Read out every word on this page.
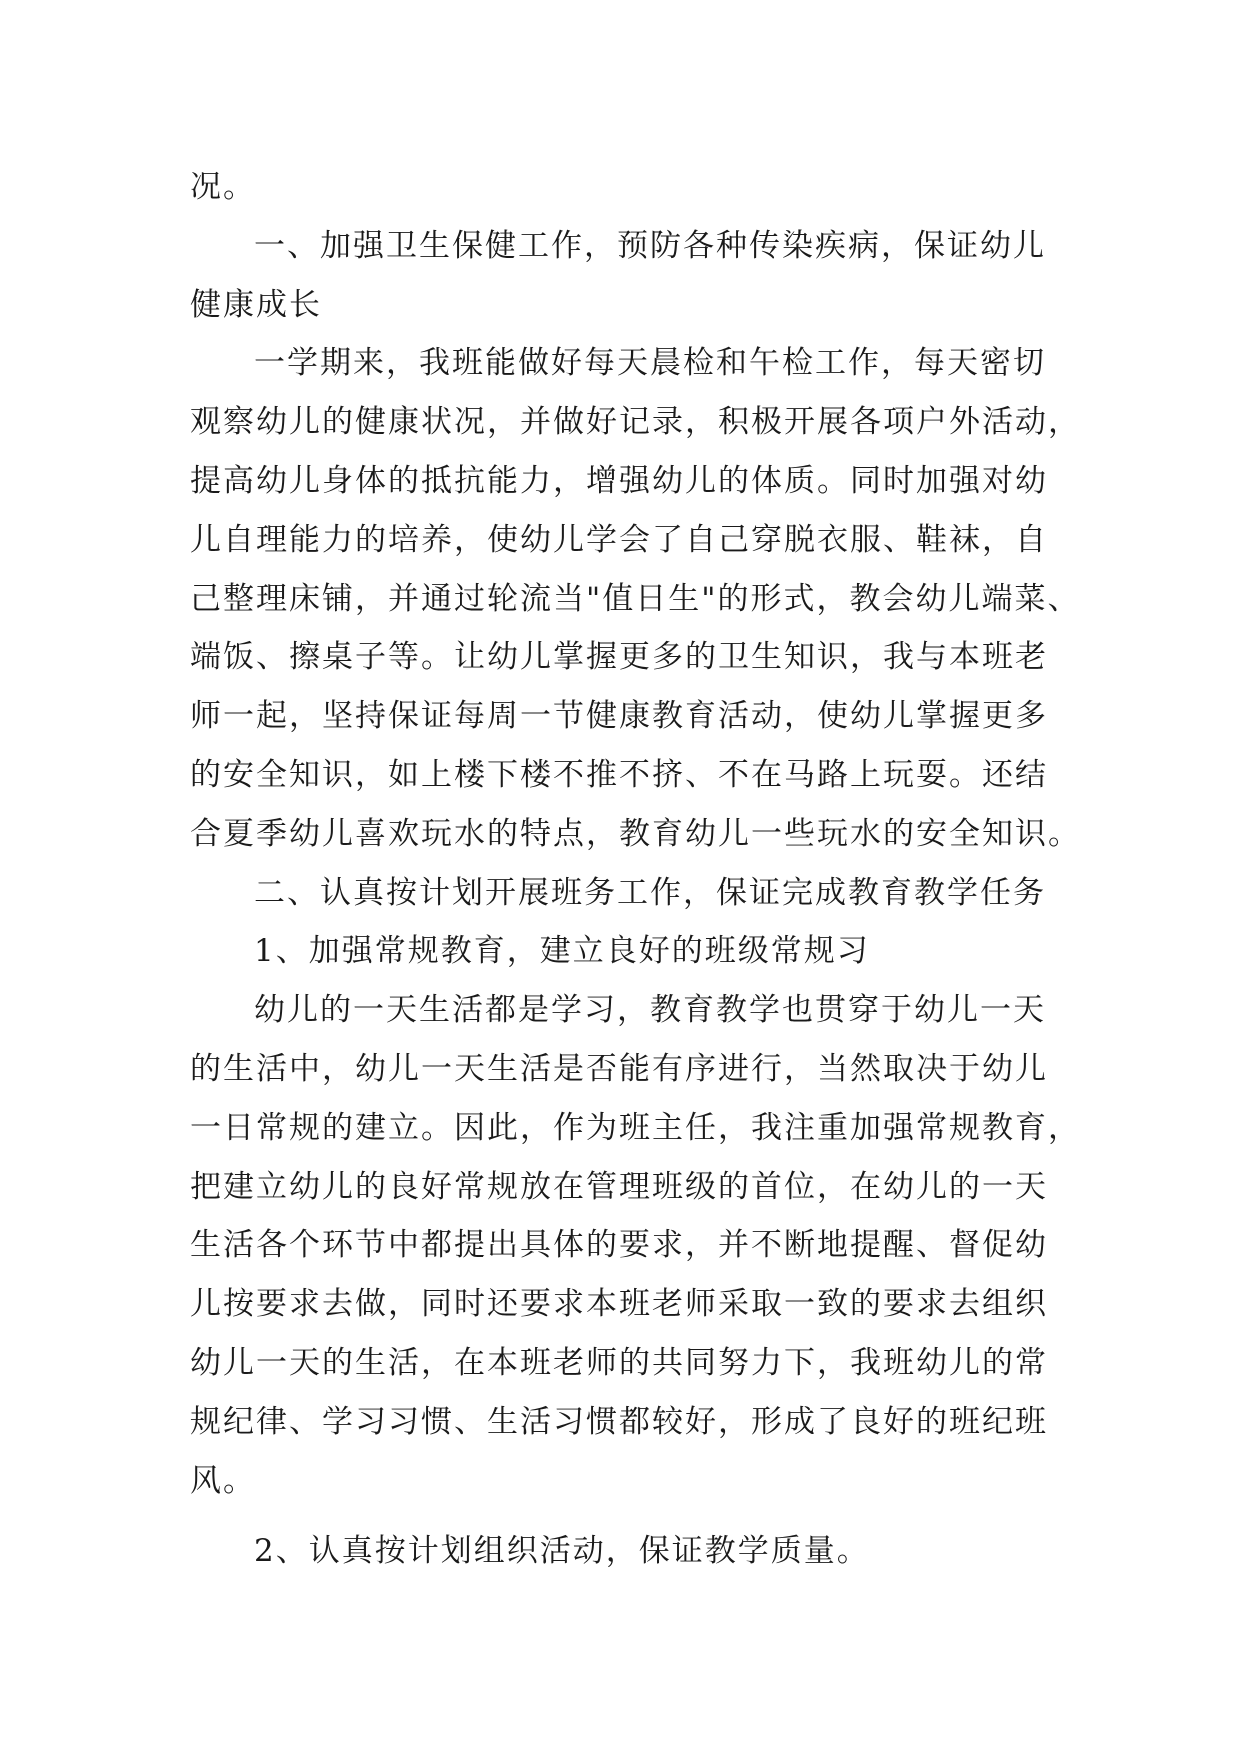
况。
一、加强卫生保健工作，预防各种传染疾病，保证幼儿
健康成长
一学期来，我班能做好每天晨检和午检工作，每天密切
观察幼儿的健康状况，并做好记录，积极开展各项户外活动，
提高幼儿身体的抵抗能力，增强幼儿的体质。同时加强对幼
儿自理能力的培养，使幼儿学会了自己穿脱衣服、鞋袜，自
己整理床铺，并通过轮流当"值日生"的形式，教会幼儿端菜、
端饭、擦桌子等。让幼儿掌握更多的卫生知识，我与本班老
师一起，坚持保证每周一节健康教育活动，使幼儿掌握更多
的安全知识，如上楼下楼不推不挤、不在马路上玩耍。还结
合夏季幼儿喜欢玩水的特点，教育幼儿一些玩水的安全知识。
二、认真按计划开展班务工作，保证完成教育教学任务
1、加强常规教育，建立良好的班级常规习
幼儿的一天生活都是学习，教育教学也贯穿于幼儿一天
的生活中，幼儿一天生活是否能有序进行，当然取决于幼儿
一日常规的建立。因此，作为班主任，我注重加强常规教育，
把建立幼儿的良好常规放在管理班级的首位，在幼儿的一天
生活各个环节中都提出具体的要求，并不断地提醒、督促幼
儿按要求去做，同时还要求本班老师采取一致的要求去组织
幼儿一天的生活，在本班老师的共同努力下，我班幼儿的常
规纪律、学习习惯、生活习惯都较好，形成了良好的班纪班
风。
2、认真按计划组织活动，保证教学质量。
